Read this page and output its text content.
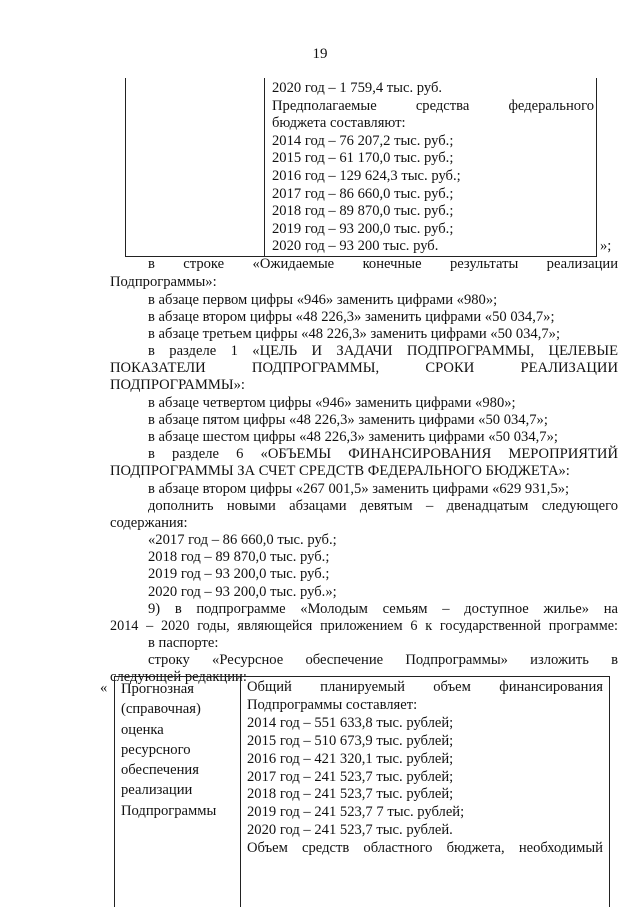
19
2020 год – 1 759,4 тыс. руб.
Предполагаемые средства федерального
бюджета составляют:
2014 год – 76 207,2 тыс. руб.;
2015 год – 61 170,0 тыс. руб.;
2016 год – 129 624,3 тыс. руб.;
2017 год – 86 660,0 тыс. руб.;
2018 год – 89 870,0 тыс. руб.;
2019 год – 93 200,0 тыс. руб.;
2020 год – 93 200 тыс. руб.	»;
в строке «Ожидаемые конечные результаты реализации
Подпрограммы»:
в абзаце первом цифры «946» заменить цифрами «980»;
в абзаце втором цифры «48 226,3» заменить цифрами «50 034,7»;
в абзаце третьем цифры «48 226,3» заменить цифрами «50 034,7»;
в разделе 1 «ЦЕЛЬ И ЗАДАЧИ ПОДПРОГРАММЫ, ЦЕЛЕВЫЕ
ПОКАЗАТЕЛИ ПОДПРОГРАММЫ, СРОКИ РЕАЛИЗАЦИИ
ПОДПРОГРАММЫ»:
в абзаце четвертом цифры «946» заменить цифрами «980»;
в абзаце пятом цифры «48 226,3» заменить цифрами «50 034,7»;
в абзаце шестом цифры «48 226,3» заменить цифрами «50 034,7»;
в разделе 6 «ОБЪЕМЫ ФИНАНСИРОВАНИЯ МЕРОПРИЯТИЙ
ПОДПРОГРАММЫ ЗА СЧЕТ СРЕДСТВ ФЕДЕРАЛЬНОГО БЮДЖЕТА»:
в абзаце втором цифры «267 001,5» заменить цифрами «629 931,5»;
дополнить новыми абзацами девятым – двенадцатым следующего
содержания:
«2017 год – 86 660,0 тыс. руб.;
2018 год – 89 870,0 тыс. руб.;
2019 год – 93 200,0 тыс. руб.;
2020 год – 93 200,0 тыс. руб.»;
9) в подпрограмме «Молодым семьям – доступное жилье» на
2014 – 2020 годы, являющейся приложением 6 к государственной программе:
в паспорте:
строку «Ресурсное обеспечение Подпрограммы» изложить в
следующей редакции:
« Прогнозная
(справочная)
оценка
ресурсного
обеспечения
реализации
Подпрограммы
Общий планируемый объем финансирования
Подпрограммы составляет:
2014 год – 551 633,8 тыс. рублей;
2015 год – 510 673,9 тыс. рублей;
2016 год – 421 320,1 тыс. рублей;
2017 год – 241 523,7 тыс. рублей;
2018 год – 241 523,7 тыс. рублей;
2019 год – 241 523,7 7 тыс. рублей;
2020 год – 241 523,7 тыс. рублей.
Объем средств областного бюджета, необходимый
